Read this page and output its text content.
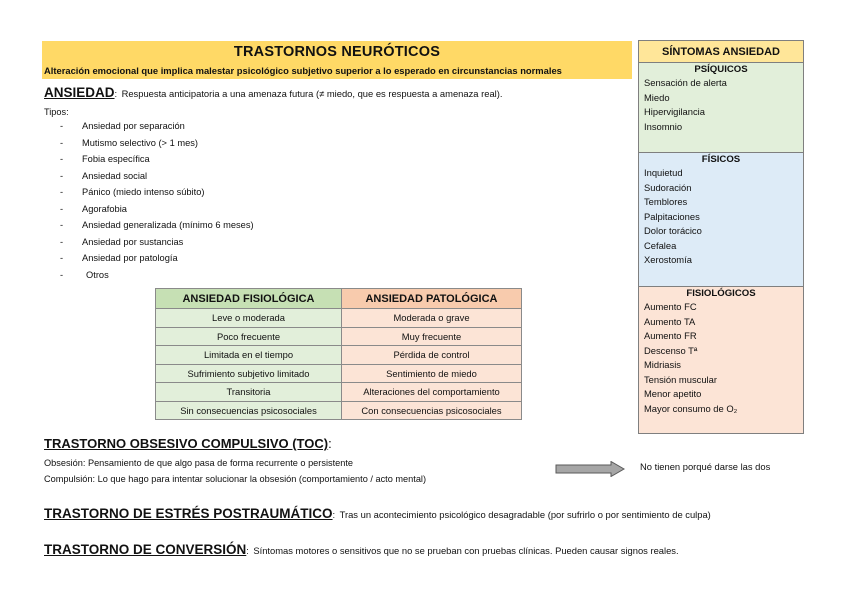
TRASTORNOS NEURÓTICOS
Alteración emocional que implica malestar psicológico subjetivo superior a lo esperado en circunstancias normales
ANSIEDAD: Respuesta anticipatoria a una amenaza futura (≠ miedo, que es respuesta a amenaza real).
Tipos:
- Ansiedad por separación
- Mutismo selectivo (> 1 mes)
- Fobia específica
- Ansiedad social
- Pánico (miedo intenso súbito)
- Agorafobia
- Ansiedad generalizada (mínimo 6 meses)
- Ansiedad por sustancias
- Ansiedad por patología
- Otros
ANSIEDAD FISIOLÓGICA	ANSIEDAD PATOLÓGICA
Leve o moderada	Moderada o grave
Poco frecuente	Muy frecuente
Limitada en el tiempo	Pérdida de control
Sufrimiento subjetivo limitado	Sentimiento de miedo
Transitoria	Alteraciones del comportamiento
Sin consecuencias psicosociales	Con consecuencias psicosociales
SÍNTOMAS ANSIEDAD
PSÍQUICOS
Sensación de alerta
Miedo
Hipervigilancia
Insomnio
FÍSICOS
Inquietud
Sudoración
Temblores
Palpitaciones
Dolor torácico
Cefalea
Xerostomía
FISIOLÓGICOS
Aumento FC
Aumento TA
Aumento FR
Descenso Tª
Midriasis
Tensión muscular
Menor apetito
Mayor consumo de O₂
TRASTORNO OBSESIVO COMPULSIVO (TOC):
Obsesión: Pensamiento de que algo pasa de forma recurrente o persistente
Compulsión: Lo que hago para intentar solucionar la obsesión (comportamiento / acto mental)
No tienen porqué darse las dos
TRASTORNO DE ESTRÉS POSTRAUMÁTICO: Tras un acontecimiento psicológico desagradable (por sufrirlo o por sentimiento de culpa)
TRASTORNO DE CONVERSIÓN: Síntomas motores o sensitivos que no se prueban con pruebas clínicas. Pueden causar signos reales.
